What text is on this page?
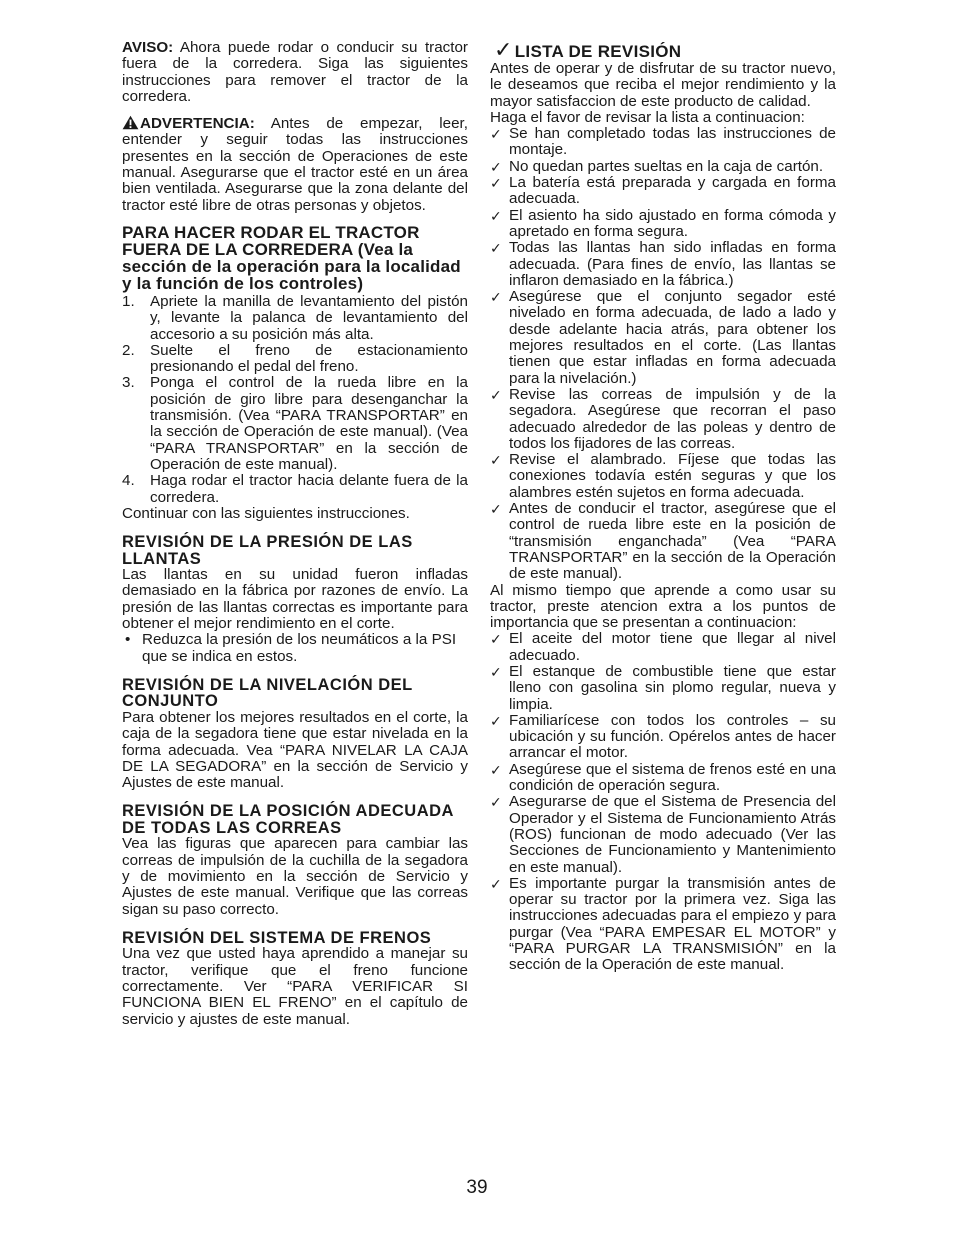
AVISO: Ahora puede rodar o conducir su tractor fuera de la corredera. Siga las siguientes instrucciones para remover el tractor de la corredera.

ADVERTENCIA: Antes de empezar, leer, entender y seguir todas las instrucciones presentes en la sección de Operaciones de este manual. Asegurarse que el tractor esté en un área bien ventilada. Asegurarse que la zona delante del tractor esté libre de otras personas y objetos.

PARA HACER RODAR EL TRACTOR FUERA DE LA CORREDERA (Vea la sección de la operación para la localidad y la función de los controles)
1. Apriete la manilla de levantamiento del pistón y, levante la palanca de levantamiento del accesorio a su posición más alta.
2. Suelte el freno de estacionamiento presionando el pedal del freno.
3. Ponga el control de la rueda libre en la posición de giro libre para desenganchar la transmisión. (Vea “PARA TRANSPORTAR” en la sección de Operación de este manual). (Vea “PARA TRANSPORTAR” en la sección de Operación de este manual).
4. Haga rodar el tractor hacia delante fuera de la corredera.

Continuar con las siguientes instrucciones.

REVISIÓN DE LA PRESIÓN DE LAS LLANTAS

Las llantas en su unidad fueron infladas demasiado en la fábrica por razones de envío. La presión de las llantas correctas es importante para obtener el mejor rendimiento en el corte.

• Reduzca la presión de los neumáticos a la PSI que se indica en estos.
REVISIÓN DE LA NIVELACIÓN DEL CONJUNTO

Para obtener los mejores resultados en el corte, la caja de la segadora tiene que estar nivelada en la forma adecuada. Vea “PARA NIVELAR LA CAJA DE LA SEGADORA” en la sección de Servicio y Ajustes de este manual.

REVISIÓN DE LA POSICIÓN ADECUADA DE TODAS LAS CORREAS

Vea las figuras que aparecen para cambiar las correas de impulsión de la cuchilla de la segadora y de movimiento en la sección de Servicio y Ajustes de este manual. Verifique que las correas sigan su paso correcto.

REVISIÓN DEL SISTEMA DE FRENOS

Una vez que usted haya aprendido a manejar su tractor, verifique que el freno funcione correctamente. Ver “PARA VERIFICAR SI FUNCIONA BIEN EL FRENO” en el capítulo de servicio y ajustes de este manual.

✓ LISTA DE REVISIÓN

Antes de operar y de disfrutar de su tractor nuevo, le deseamos que reciba el mejor rendimiento y la mayor satisfaccion de este producto de calidad.

Haga el favor de revisar la lista a continuacion:

✓ Se han completado todas las instrucciones de montaje.
✓ No quedan partes sueltas en la caja de cartón.
✓ La batería está preparada y cargada en forma adecuada.
✓ El asiento ha sido ajustado en forma cómoda y apretado en forma segura.
✓ Todas las llantas han sido infladas en forma adecuada. (Para fines de envío, las llantas se inflaron demasiado en la fábrica.)
✓ Asegúrese que el conjunto segador esté nivelado en forma adecuada, de lado a lado y desde adelante hacia atrás, para obtener los mejores resultados en el corte. (Las llantas tienen que estar infladas en forma adecuada para la nivelación.)
✓ Revise las correas de impulsión y de la segadora. Asegúrese que recorran el paso adecuado alrededor de las poleas y dentro de todos los fijadores de las correas.
✓ Revise el alambrado. Fíjese que todas las conexiones todavía estén seguras y que los alambres estén sujetos en forma adecuada.
✓ Antes de conducir el tractor, asegúrese que el control de rueda libre este en la posición de “transmisión enganchada” (Vea “PARA TRANSPORTAR” en la sección de la Operación de este manual).

Al mismo tiempo que aprende a como usar su tractor, preste atencion extra a los puntos de importancia que se presentan a continuacion:

✓ El aceite del motor tiene que llegar al nivel adecuado.
✓ El estanque de combustible tiene que estar lleno con gasolina sin plomo regular, nueva y limpia.
✓ Familiarícese con todos los controles – su ubicación y su función. Opérelos antes de hacer arrancar el motor.
✓ Asegúrese que el sistema de frenos esté en una condición de operación segura.
✓ Asegurarse de que el Sistema de Presencia del Operador y el Sistema de Funcionamiento Atrás (ROS) funcionan de modo adecuado (Ver las Secciones de Funcionamiento y Mantenimiento en este manual).
✓ Es importante purgar la transmisión antes de operar su tractor por la primera vez. Siga las instrucciones adecuadas para el empiezo y para purgar (Vea “PARA EMPESAR EL MOTOR” y “PARA PURGAR LA TRANSMISIÓN” en la sección de la Operación de este manual.
39
